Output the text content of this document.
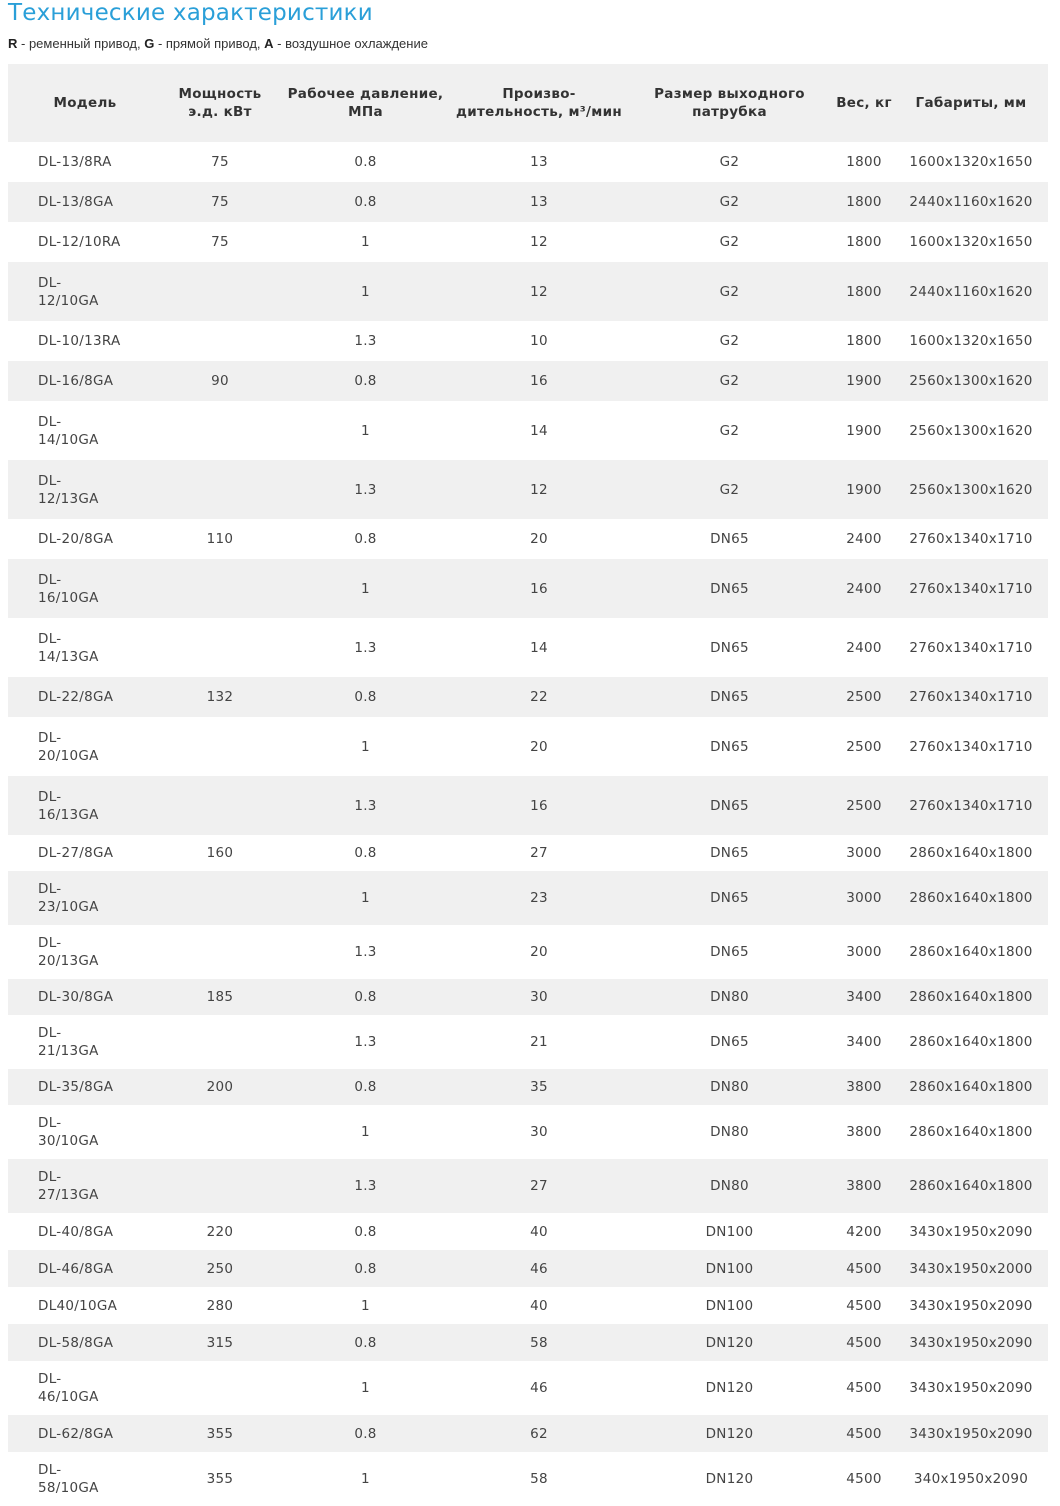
Технические характеристики
R - ременный привод, G - прямой привод, A - воздушное охлаждение
Модель	Мощность э.д. кВт	Рабочее давление, МПа	Произво-дительность, м³/мин	Размер выходного патрубка	Вес, кг	Габариты, мм

DL-13/8RA	75	0.8	13	G2	1800	1600x1320x1650

DL-13/8GA	75	0.8	13	G2	1800	2440x1160x1620

DL-12/10RA	75	1	12	G2	1800	1600x1320x1650

DL-
12/10GA		1	12	G2	1800	2440x1160x1620

DL-10/13RA		1.3	10	G2	1800	1600x1320x1650

DL-16/8GA	90	0.8	16	G2	1900	2560x1300x1620

DL-
14/10GA		1	14	G2	1900	2560x1300x1620

DL-
12/13GA		1.3	12	G2	1900	2560x1300x1620

DL-20/8GA	110	0.8	20	DN65	2400	2760x1340x1710

DL-
16/10GA		1	16	DN65	2400	2760x1340x1710

DL-
14/13GA		1.3	14	DN65	2400	2760x1340x1710

DL-22/8GA	132	0.8	22	DN65	2500	2760x1340x1710

DL-
20/10GA		1	20	DN65	2500	2760x1340x1710

DL-
16/13GA		1.3	16	DN65	2500	2760x1340x1710

DL-27/8GA	160	0.8	27	DN65	3000	2860x1640x1800

DL-
23/10GA		1	23	DN65	3000	2860x1640x1800

DL-
20/13GA		1.3	20	DN65	3000	2860x1640x1800

DL-30/8GA	185	0.8	30	DN80	3400	2860x1640x1800

DL-
21/13GA		1.3	21	DN65	3400	2860x1640x1800

DL-35/8GA	200	0.8	35	DN80	3800	2860x1640x1800

DL-
30/10GA		1	30	DN80	3800	2860x1640x1800

DL-
27/13GA		1.3	27	DN80	3800	2860x1640x1800

DL-40/8GA	220	0.8	40	DN100	4200	3430x1950x2090

DL-46/8GA	250	0.8	46	DN100	4500	3430x1950x2000

DL40/10GA	280	1	40	DN100	4500	3430x1950x2090

DL-58/8GA	315	0.8	58	DN120	4500	3430x1950x2090

DL-
46/10GA		1	46	DN120	4500	3430x1950x2090

DL-62/8GA	355	0.8	62	DN120	4500	3430x1950x2090

DL-
58/10GA	355	1	58	DN120	4500	340x1950x2090
